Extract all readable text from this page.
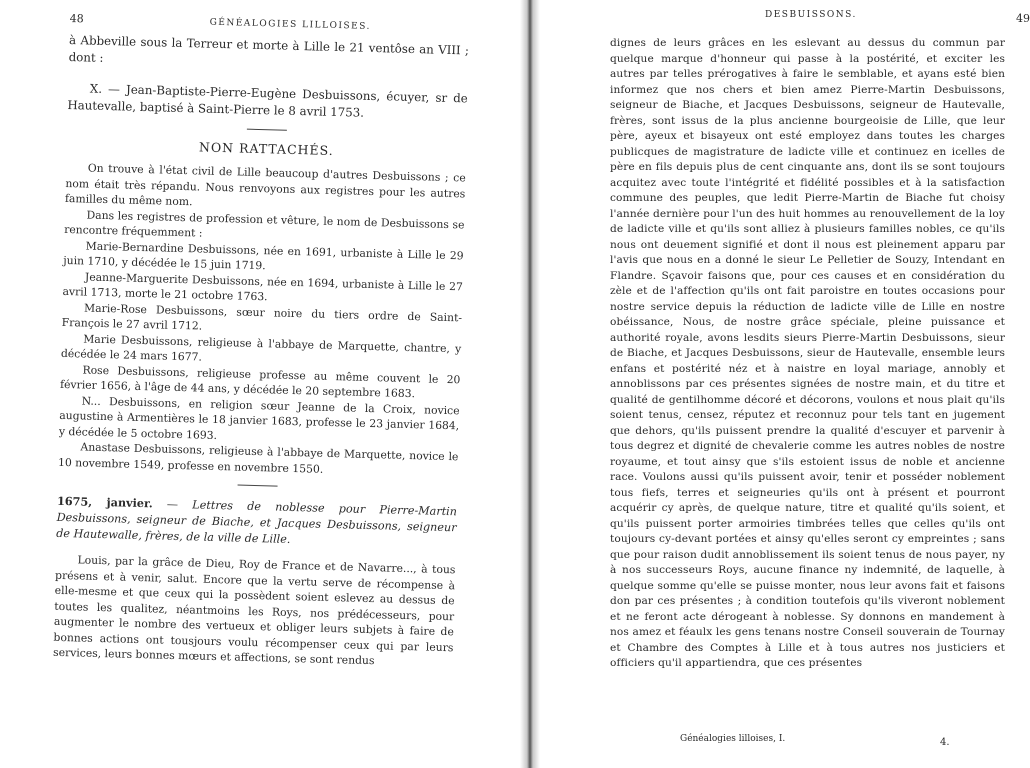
48	GÉNÉALOGIES LILLOISES.

à Abbeville sous la Terreur et morte à Lille le 21 ventôse an VIII ; dont :

X. — Jean-Baptiste-Pierre-Eugène Desbuissons, écuyer, sr de Hautevalle, baptisé à Saint-Pierre le 8 avril 1753.

NON RATTACHÉS.

On trouve à l'état civil de Lille beaucoup d'autres Desbuissons ; ce nom était très répandu. Nous renvoyons aux registres pour les autres familles du même nom.

Dans les registres de profession et vêture, le nom de Desbuissons se rencontre fréquemment :

Marie-Bernardine Desbuissons, née en 1691, urbaniste à Lille le 29 juin 1710, y décédée le 15 juin 1719.

Jeanne-Marguerite Desbuissons, née en 1694, urbaniste à Lille le 27 avril 1713, morte le 21 octobre 1763.

Marie-Rose Desbuissons, sœur noire du tiers ordre de Saint-François le 27 avril 1712.

Marie Desbuissons, religieuse à l'abbaye de Marquette, chantre, y décédée le 24 mars 1677.

Rose Desbuissons, religieuse professe au même couvent le 20 février 1656, à l'âge de 44 ans, y décédée le 20 septembre 1683.

N... Desbuissons, en religion sœur Jeanne de la Croix, novice augustine à Armentières le 18 janvier 1683, professe le 23 janvier 1684, y décédée le 5 octobre 1693.

Anastase Desbuissons, religieuse à l'abbaye de Marquette, novice le 10 novembre 1549, professe en novembre 1550.

1675, janvier. — Lettres de noblesse pour Pierre-Martin Desbuissons, seigneur de Biache, et Jacques Desbuissons, seigneur de Hautewalle, frères, de la ville de Lille.

Louis, par la grâce de Dieu, Roy de France et de Navarre..., à tous présens et à venir, salut. Encore que la vertu serve de récompense à elle-mesme et que ceux qui la possèdent soient eslevez au dessus de toutes les qualitez, néantmoins les Roys, nos prédécesseurs, pour augmenter le nombre des vertueux et obliger leurs subjets à faire de bonnes actions ont tousjours voulu récompenser ceux qui par leurs services, leurs bonnes mœurs et affections, se sont rendus

DESBUISSONS.	49

dignes de leurs grâces en les eslevant au dessus du commun par quelque marque d'honneur qui passe à la postérité, et exciter les autres par telles prérogatives à faire le semblable, et ayans esté bien informez que nos chers et bien amez Pierre-Martin Desbuissons, seigneur de Biache, et Jacques Desbuissons, seigneur de Hautevalle, frères, sont issus de la plus ancienne bourgeoisie de Lille, que leur père, ayeux et bisayeux ont esté employez dans toutes les charges publicques de magistrature de ladicte ville et continuez en icelles de père en fils depuis plus de cent cinquante ans, dont ils se sont toujours acquitez avec toute l'intégrité et fidélité possibles et à la satisfaction commune des peuples, que ledit Pierre-Martin de Biache fut choisy l'année dernière pour l'un des huit hommes au renouvellement de la loy de ladicte ville et qu'ils sont alliez à plusieurs familles nobles, ce qu'ils nous ont deuement signifié et dont il nous est pleinement apparu par l'avis que nous en a donné le sieur Le Pelletier de Souzy, Intendant en Flandre. Sçavoir faisons que, pour ces causes et en considération du zèle et de l'affection qu'ils ont fait paroistre en toutes occasions pour nostre service depuis la réduction de ladicte ville de Lille en nostre obéissance, Nous, de nostre grâce spéciale, pleine puissance et authorité royale, avons lesdits sieurs Pierre-Martin Desbuissons, sieur de Biache, et Jacques Desbuissons, sieur de Hautevalle, ensemble leurs enfans et postérité néz et à naistre en loyal mariage, annobly et annoblissons par ces présentes signées de nostre main, et du titre et qualité de gentilhomme décoré et décorons, voulons et nous plait qu'ils soient tenus, censez, réputez et reconnuz pour tels tant en jugement que dehors, qu'ils puissent prendre la qualité d'escuyer et parvenir à tous degrez et dignité de chevalerie comme les autres nobles de nostre royaume, et tout ainsy que s'ils estoient issus de noble et ancienne race. Voulons aussi qu'ils puissent avoir, tenir et posséder noblement tous fiefs, terres et seigneuries qu'ils ont à présent et pourront acquérir cy après, de quelque nature, titre et qualité qu'ils soient, et qu'ils puissent porter armoiries timbrées telles que celles qu'ils ont toujours cy-devant portées et ainsy qu'elles seront cy empreintes ; sans que pour raison dudit annoblissement ils soient tenus de nous payer, ny à nos successeurs Roys, aucune finance ny indemnité, de laquelle, à quelque somme qu'elle se puisse monter, nous leur avons fait et faisons don par ces présentes ; à condition toutefois qu'ils viveront noblement et ne feront acte dérogeant à noblesse. Sy donnons en mandement à nos amez et féaulx les gens tenans nostre Conseil souverain de Tournay et Chambre des Comptes à Lille et à tous autres nos justiciers et officiers qu'il appartiendra, que ces présentes

Généalogies lilloises, I.	4.
